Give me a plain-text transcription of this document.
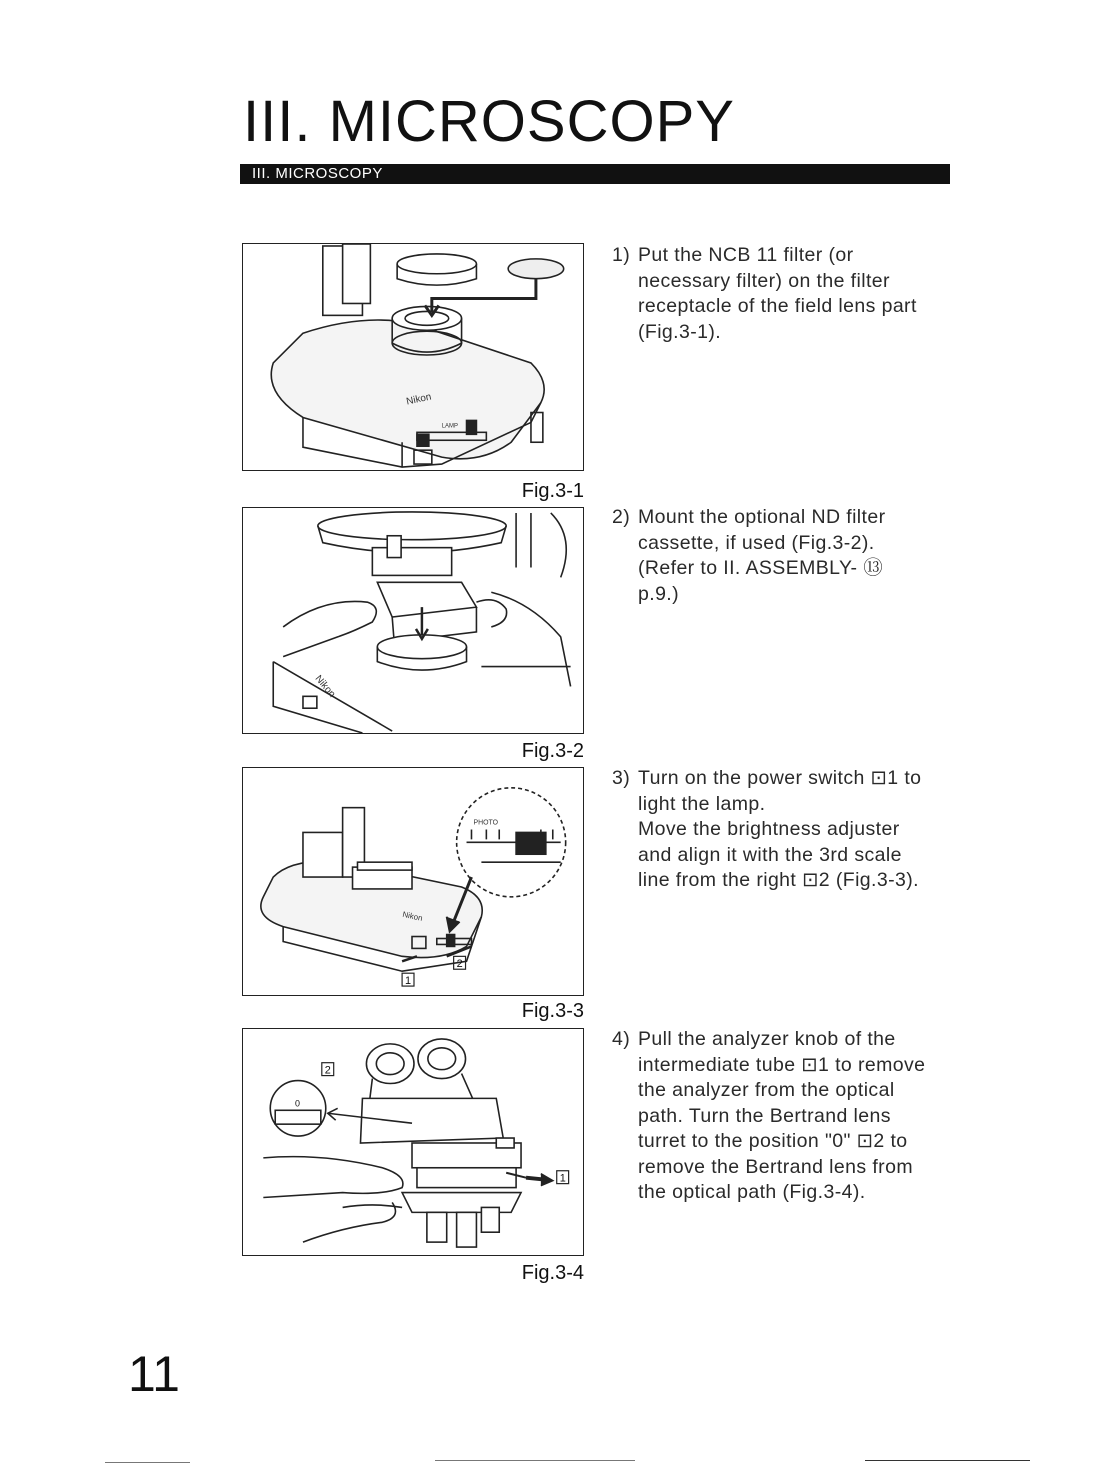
III. MICROSCOPY
III. MICROSCOPY
Nikon
LAMP
Fig.3-1
Nikon
Fig.3-2
PHOTO
Nikon
1
2
Fig.3-3
2
0
1
Fig.3-4
1) Put the NCB 11 filter (or
necessary filter) on the filter
receptacle of the field lens part
(Fig.3-1).
2) Mount the optional ND filter
cassette, if used (Fig.3-2).
(Refer to II. ASSEMBLY- ⑬
p.9.)
3) Turn on the power switch ⊡1 to
light the lamp.
Move the brightness adjuster
and align it with the 3rd scale
line from the right ⊡2 (Fig.3-3).
4) Pull the analyzer knob of the
intermediate tube ⊡1 to remove
the analyzer from the optical
path. Turn the Bertrand lens
turret to the position "0" ⊡2 to
remove the Bertrand lens from
the optical path (Fig.3-4).
11
